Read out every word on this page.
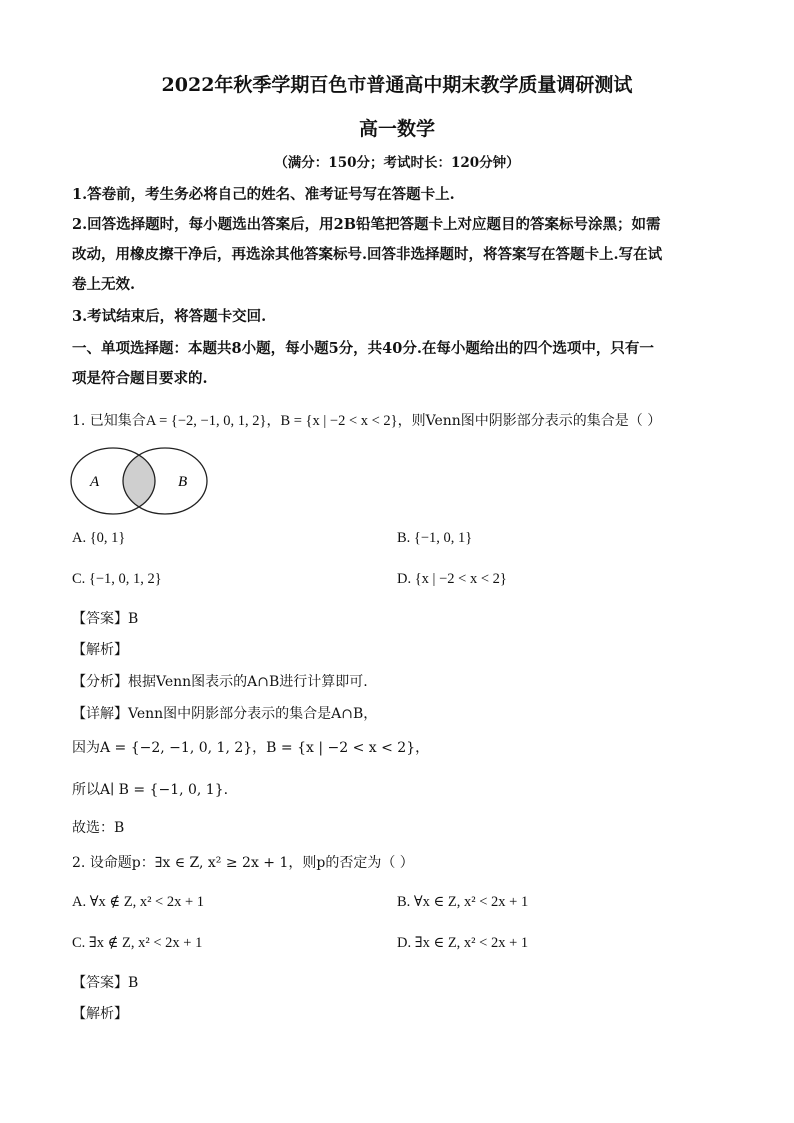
2022年秋季学期百色市普通高中期末教学质量调研测试
高一数学
（满分：150分；考试时长：120分钟）
1.答卷前，考生务必将自己的姓名、准考证号写在答题卡上.
2.回答选择题时，每小题选出答案后，用2B铅笔把答题卡上对应题目的答案标号涂黑；如需
改动，用橡皮擦干净后，再选涂其他答案标号.回答非选择题时，将答案写在答题卡上.写在试
卷上无效.
3.考试结束后，将答题卡交回.
一、单项选择题：本题共8小题，每小题5分，共40分.在每小题给出的四个选项中，只有一
项是符合题目要求的.
1. 已知集合A = {−2, −1, 0, 1, 2}，B = {x | −2 < x < 2}，则Venn图中阴影部分表示的集合是（ ）
A	B
A. {0, 1}	B. {−1, 0, 1}
C. {−1, 0, 1, 2}	D. {x | −2 < x < 2}
【答案】B
【解析】
【分析】根据Venn图表示的A∩B进行计算即可.
【详解】Venn图中阴影部分表示的集合是A∩B，
因为A = {−2, −1, 0, 1, 2}，B = {x | −2 < x < 2}，
所以A∣ B = {−1, 0, 1}.
故选：B
2. 设命题p：∃x ∈ Z, x² ≥ 2x + 1，则p的否定为（ ）
A. ∀x ∉ Z, x² < 2x + 1	B. ∀x ∈ Z, x² < 2x + 1
C. ∃x ∉ Z, x² < 2x + 1	D. ∃x ∈ Z, x² < 2x + 1
【答案】B
【解析】
